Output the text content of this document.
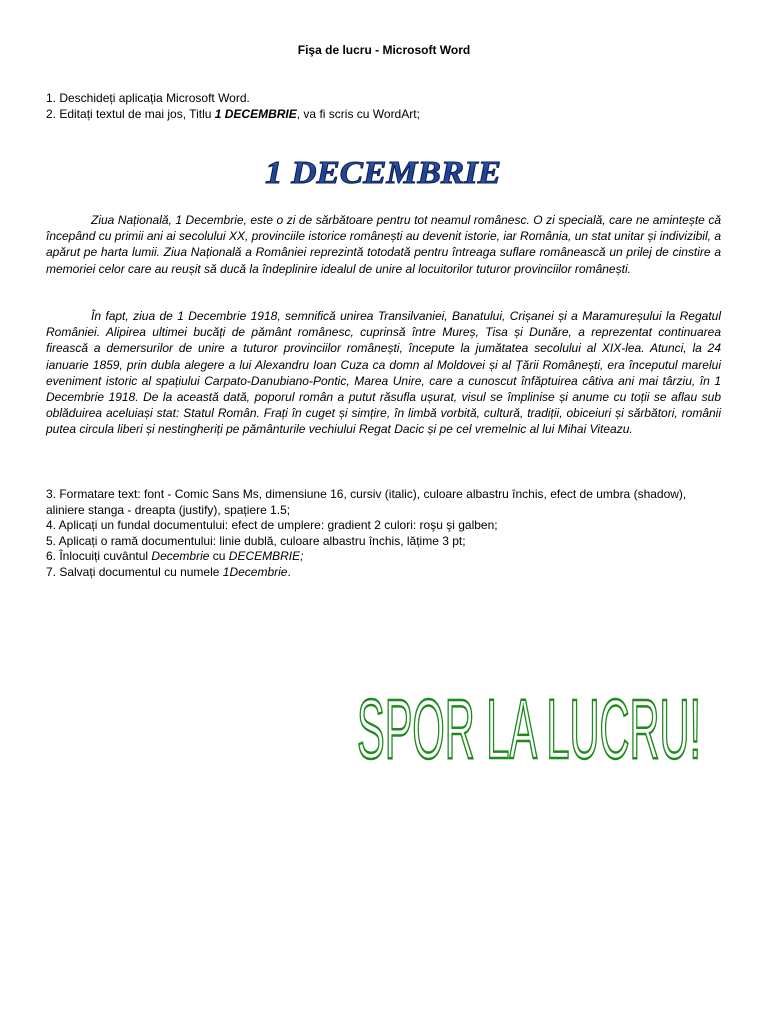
Fişa de lucru - Microsoft Word
1. Deschideți aplicația Microsoft Word.
2. Editați textul de mai jos, Titlu 1 DECEMBRIE, va fi scris cu WordArt;
1 DECEMBRIE

Ziua Națională, 1 Decembrie, este o zi de sărbătoare pentru tot neamul românesc. O zi specială, care ne amintește că începând cu primii ani ai secolului XX, provinciile istorice românești au devenit istorie, iar România, un stat unitar și indivizibil, a apărut pe harta lumii. Ziua Națională a României reprezintă totodată pentru întreaga suflare românească un prilej de cinstire a memoriei celor care au reușit să ducă la îndeplinire idealul de unire al locuitorilor tuturor provinciilor românești.

În fapt, ziua de 1 Decembrie 1918, semnifică unirea Transilvaniei, Banatului, Crișanei și a Maramureșului la Regatul României. Alipirea ultimei bucăți de pământ românesc, cuprinsă între Mureș, Tisa și Dunăre, a reprezentat continuarea firească a demersurilor de unire a tuturor provinciilor românești, începute la jumătatea secolului al XIX-lea. Atunci, la 24 ianuarie 1859, prin dubla alegere a lui Alexandru Ioan Cuza ca domn al Moldovei și al Țării Românești, era începutul marelui eveniment istoric al spațiului Carpato-Danubiano-Pontic, Marea Unire, care a cunoscut înfăptuirea câtiva ani mai târziu, în 1 Decembrie 1918. De la această dată, poporul român a putut răsufla ușurat, visul se împlinise și anume cu toții se aflau sub oblăduirea aceluiași stat: Statul Român. Frați în cuget și simțire, în limbă vorbită, cultură, tradiții, obiceiuri și sărbători, românii putea circula liberi și nestingheriți pe pământurile vechiului Regat Dacic și pe cel vremelnic al lui Mihai Viteazu.

3. Formatare text: font - Comic Sans Ms, dimensiune 16, cursiv (italic), culoare albastru închis, efect de umbra (shadow), aliniere stanga - dreapta (justify), spațiere 1.5;
4. Aplicați un fundal documentului: efect de umplere: gradient 2 culori: roşu şi galben;
5. Aplicați o ramă documentului: linie dublă, culoare albastru închis, lățime 3 pt;
6. Înlocuiți cuvântul Decembrie cu DECEMBRIE;
7. Salvați documentul cu numele 1Decembrie.
SPOR LA LUCRU!
